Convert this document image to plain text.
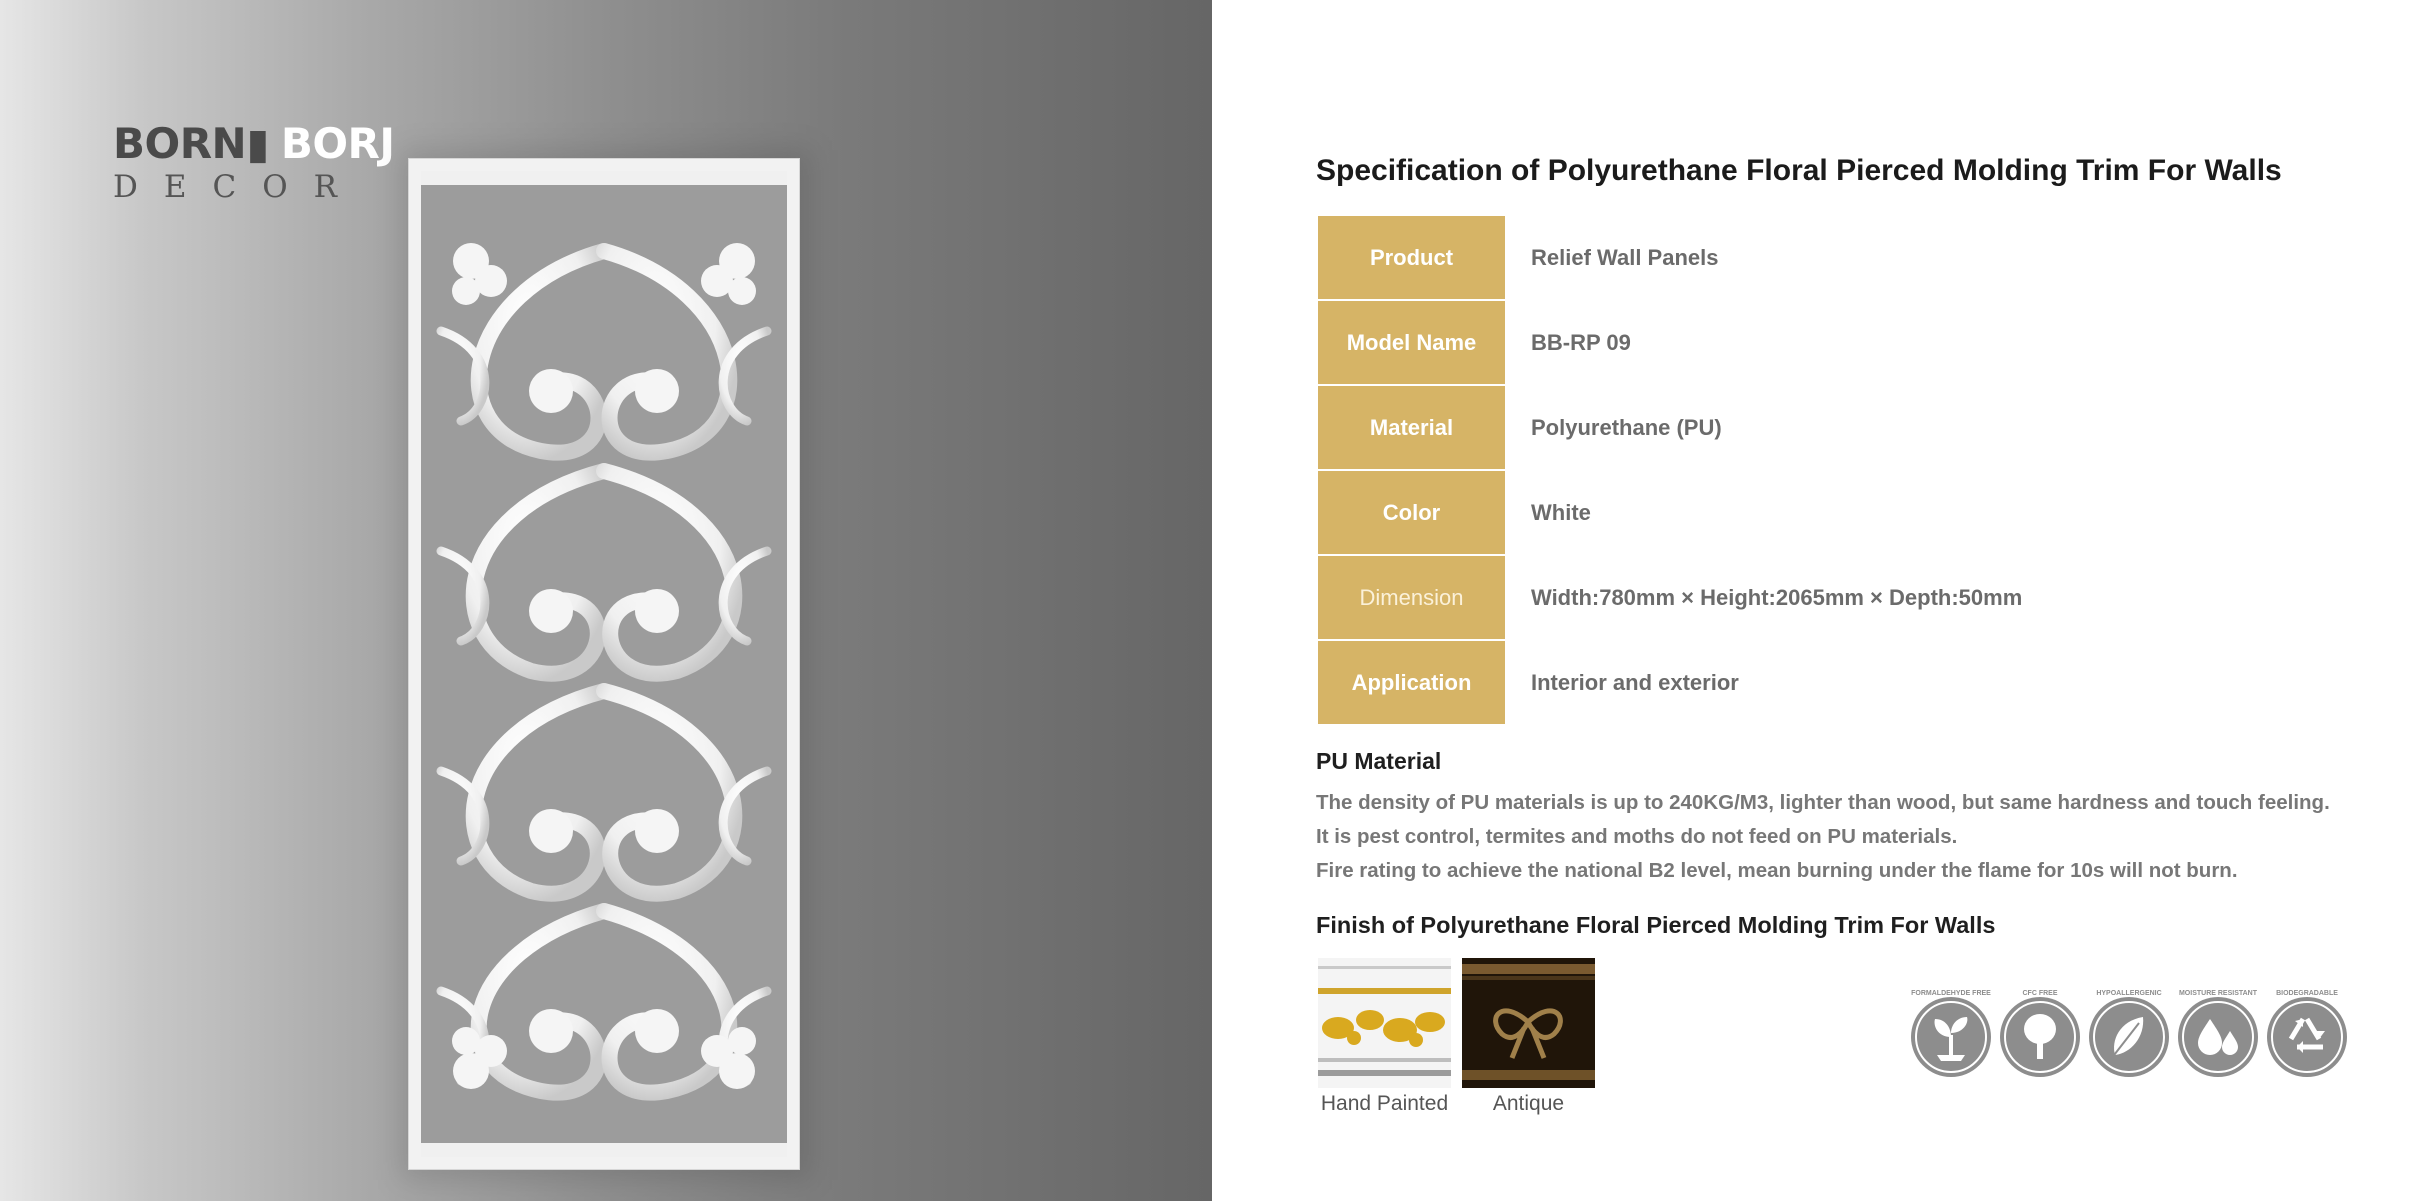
BORN▮ BORJ
DECOR	Specification of Polyurethane Floral Pierced Molding Trim For Walls
Product	Relief Wall Panels
Model Name	BB-RP 09
Material	Polyurethane (PU)
Color	White
Dimension	Width:780mm × Height:2065mm × Depth:50mm
Application	Interior and exterior
PU Material
The density of PU materials is up to 240KG/M3, lighter than wood, but same hardness and touch feeling.
It is pest control, termites and moths do not feed on PU materials.
Fire rating to achieve the national B2 level, mean burning under the flame for 10s will not burn.
Finish of Polyurethane Floral Pierced Molding Trim For Walls
Hand Painted	Antique
FORMALDEHYDE FREE	CFC FREE	HYPOALLERGENIC	MOISTURE RESISTANT	BIODEGRADABLE
